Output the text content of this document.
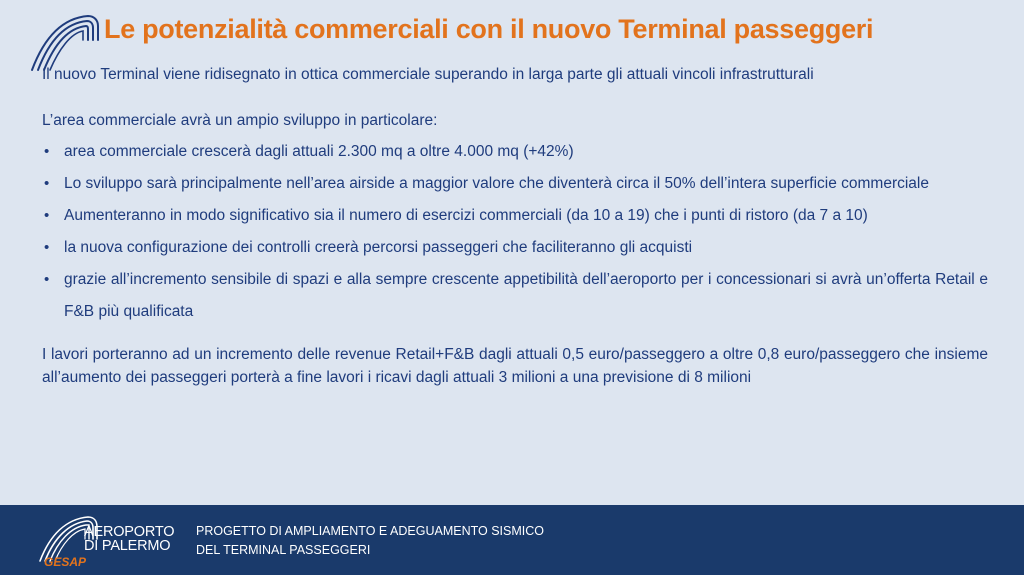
Le potenzialità commerciali con il nuovo Terminal passeggeri

Il nuovo Terminal viene ridisegnato in ottica commerciale superando in larga parte gli attuali vincoli infrastrutturali

L’area commerciale avrà un ampio sviluppo in particolare:

• area commerciale crescerà dagli attuali 2.300 mq a oltre 4.000 mq (+42%)
• Lo sviluppo sarà principalmente nell’area airside a maggior valore che diventerà circa il 50% dell’intera superficie commerciale
• Aumenteranno in modo significativo sia il numero di esercizi commerciali (da 10 a 19) che i punti di ristoro (da 7 a 10)
• la nuova configurazione dei controlli creerà percorsi passeggeri che faciliteranno gli acquisti
• grazie all’incremento sensibile di spazi e alla sempre crescente appetibilità dell’aeroporto per i concessionari si avrà un’offerta Retail e F&B più qualificata

I lavori porteranno ad un incremento delle revenue Retail+F&B dagli attuali 0,5 euro/passeggero a oltre 0,8 euro/passeggero che insieme all’aumento dei passeggeri porterà a fine lavori i ricavi dagli attuali 3 milioni a una previsione di 8 milioni

AEROPORTO
DI PALERMO
GESAP
PROGETTO DI AMPLIAMENTO E ADEGUAMENTO SISMICO
DEL TERMINAL PASSEGGERI
